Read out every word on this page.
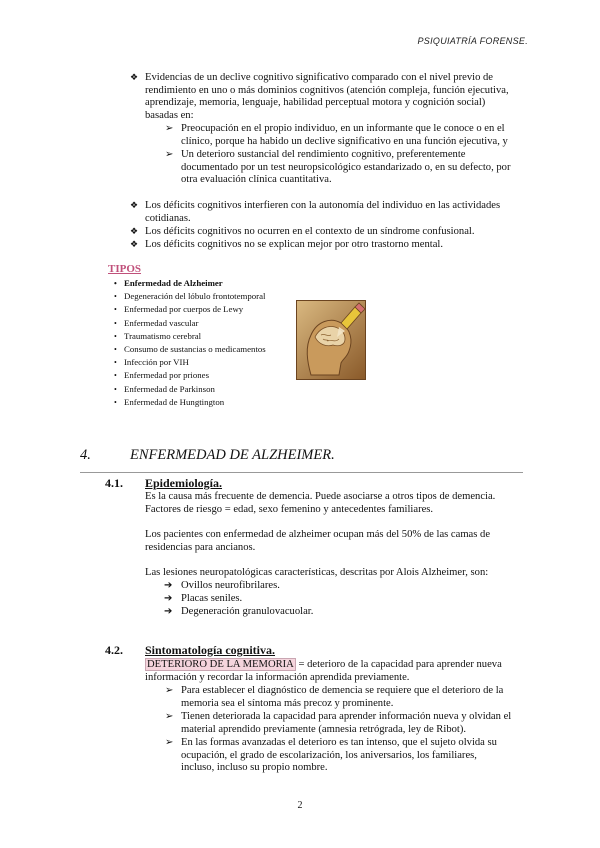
PSIQUIATRÍA FORENSE.
❖ Evidencias de un declive cognitivo significativo comparado con el nivel previo de
rendimiento en uno o más dominios cognitivos (atención compleja, función ejecutiva,
aprendizaje, memoria, lenguaje, habilidad perceptual motora y cognición social)
basadas en:
➢ Preocupación en el propio individuo, en un informante que le conoce o en el
clínico, porque ha habido un declive significativo en una función ejecutiva, y
➢ Un deterioro sustancial del rendimiento cognitivo, preferentemente
documentado por un test neuropsicológico estandarizado o, en su defecto, por
otra evaluación clínica cuantitativa.
❖ Los déficits cognitivos interfieren con la autonomía del individuo en las actividades
cotidianas.
❖ Los déficits cognitivos no ocurren en el contexto de un síndrome confusional.
❖ Los déficits cognitivos no se explican mejor por otro trastorno mental.
TIPOS
• Enfermedad de Alzheimer
• Degeneración del lóbulo frontotemporal
• Enfermedad por cuerpos de Lewy
• Enfermedad vascular
• Traumatismo cerebral
• Consumo de sustancias o medicamentos
• Infección por VIH
• Enfermedad por priones
• Enfermedad de Parkinson
• Enfermedad de Hungtington
4.	ENFERMEDAD DE ALZHEIMER.
4.1. Epidemiología.
Es la causa más frecuente de demencia. Puede asociarse a otros tipos de demencia.
Factores de riesgo = edad, sexo femenino y antecedentes familiares.
Los pacientes con enfermedad de alzheimer ocupan más del 50% de las camas de
residencias para ancianos.
Las lesiones neuropatológicas características, descritas por Alois Alzheimer, son:
➔ Ovillos neurofibrilares.
➔ Placas seniles.
➔ Degeneración granulovacuolar.
4.2. Sintomatología cognitiva.
DETERIORO DE LA MEMORIA = deterioro de la capacidad para aprender nueva
información y recordar la información aprendida previamente.
➢ Para establecer el diagnóstico de demencia se requiere que el deterioro de la
memoria sea el síntoma más precoz y prominente.
➢ Tienen deteriorada la capacidad para aprender información nueva y olvidan el
material aprendido previamente (amnesia retrógrada, ley de Ribot).
➢ En las formas avanzadas el deterioro es tan intenso, que el sujeto olvida su
ocupación, el grado de escolarización, los aniversarios, los familiares,
incluso, incluso su propio nombre.
2
